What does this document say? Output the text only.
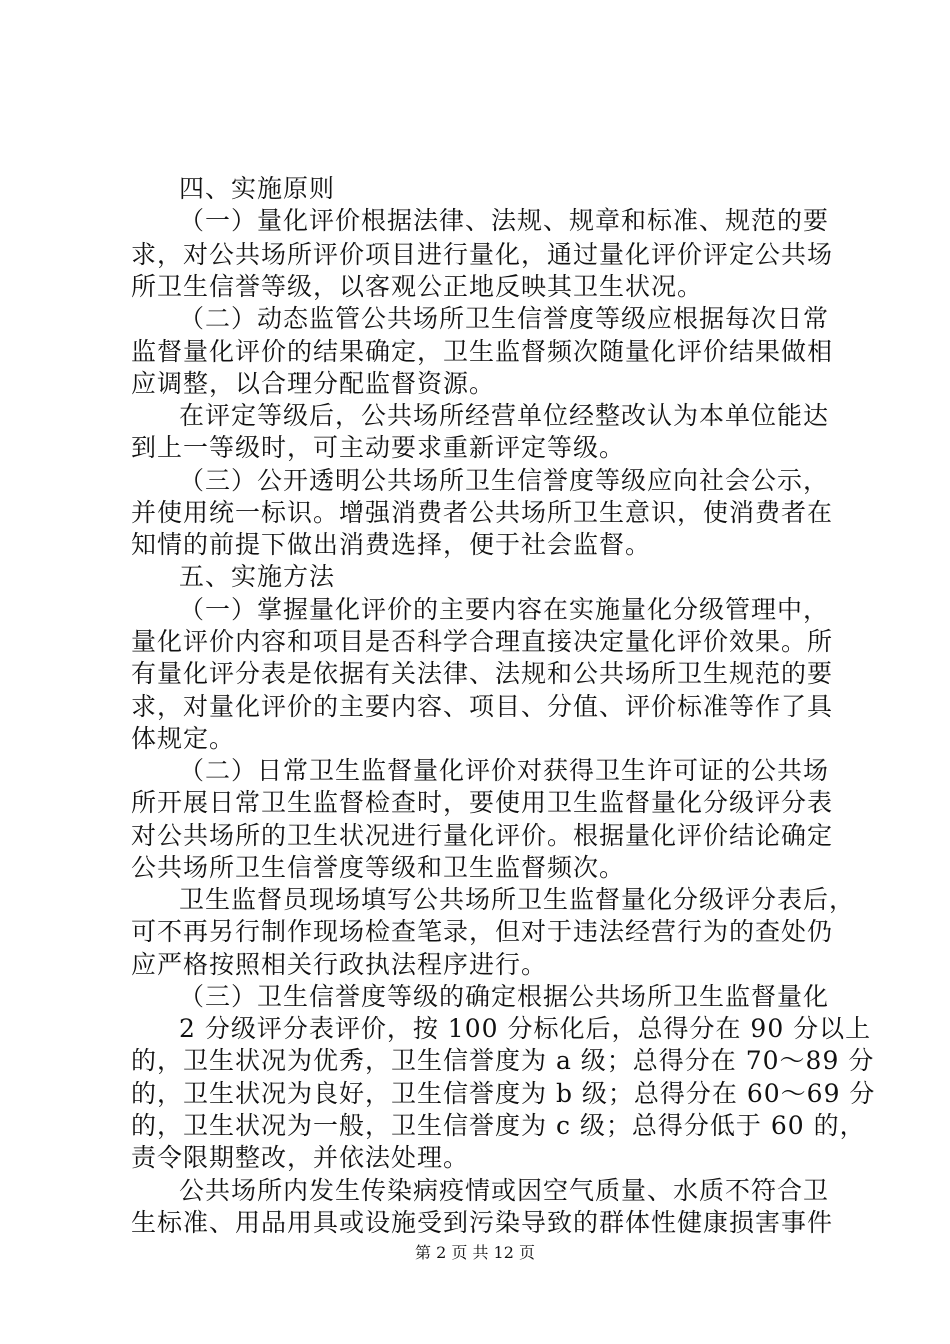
四、实施原则
（一）量化评价根据法律、法规、规章和标准、规范的要
求，对公共场所评价项目进行量化，通过量化评价评定公共场
所卫生信誉等级，以客观公正地反映其卫生状况。
（二）动态监管公共场所卫生信誉度等级应根据每次日常
监督量化评价的结果确定，卫生监督频次随量化评价结果做相
应调整，以合理分配监督资源。
在评定等级后，公共场所经营单位经整改认为本单位能达
到上一等级时，可主动要求重新评定等级。
（三）公开透明公共场所卫生信誉度等级应向社会公示，
并使用统一标识。增强消费者公共场所卫生意识，使消费者在
知情的前提下做出消费选择，便于社会监督。
五、实施方法
（一）掌握量化评价的主要内容在实施量化分级管理中，
量化评价内容和项目是否科学合理直接决定量化评价效果。所
有量化评分表是依据有关法律、法规和公共场所卫生规范的要
求，对量化评价的主要内容、项目、分值、评价标准等作了具
体规定。
（二）日常卫生监督量化评价对获得卫生许可证的公共场
所开展日常卫生监督检查时，要使用卫生监督量化分级评分表
对公共场所的卫生状况进行量化评价。根据量化评价结论确定
公共场所卫生信誉度等级和卫生监督频次。
卫生监督员现场填写公共场所卫生监督量化分级评分表后，
可不再另行制作现场检查笔录，但对于违法经营行为的查处仍
应严格按照相关行政执法程序进行。
（三）卫生信誉度等级的确定根据公共场所卫生监督量化
2 分级评分表评价，按 100 分标化后，总得分在 90 分以上
的，卫生状况为优秀，卫生信誉度为 a 级；总得分在 70～89 分
的，卫生状况为良好，卫生信誉度为 b 级；总得分在 60～69 分
的，卫生状况为一般，卫生信誉度为 c 级；总得分低于 60 的，
责令限期整改，并依法处理。
公共场所内发生传染病疫情或因空气质量、水质不符合卫
生标准、用品用具或设施受到污染导致的群体性健康损害事件
第 2 页 共 12 页
